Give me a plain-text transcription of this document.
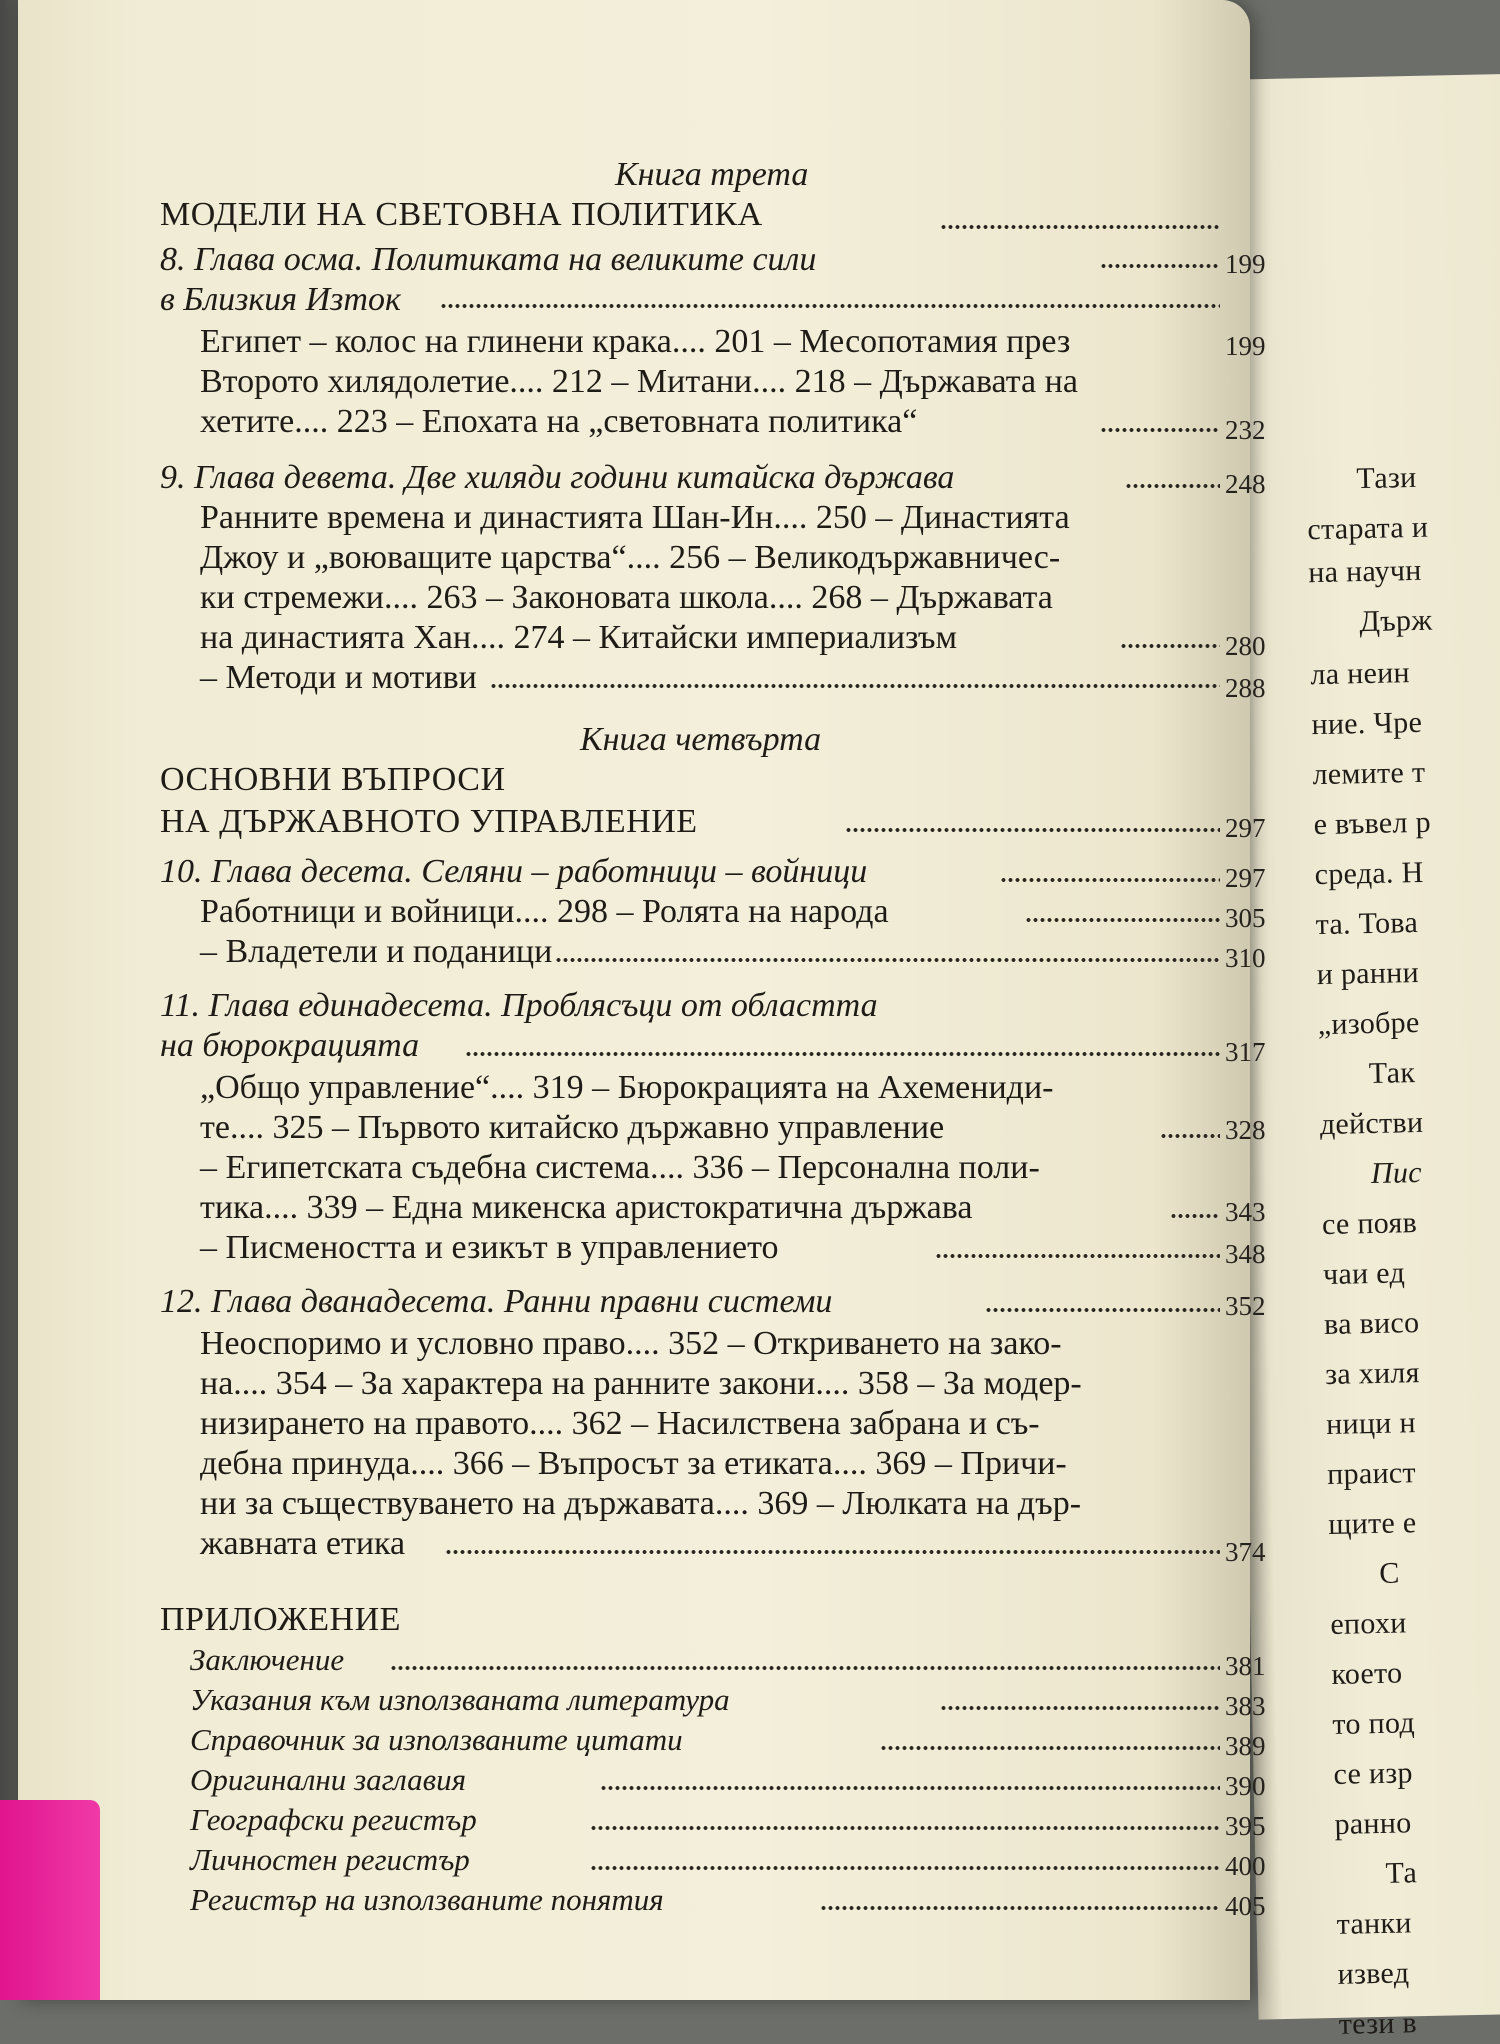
Тази
старата и
на научн
Държ
ла неин
ние. Чре
лемите т
е въвел р
среда. Н
та. Това
и ранни
„изобре
Так
действи
Пис
се появ
чаи ед
ва висо
за хиля
ници н
праист
щите е
С
епохи
което
то под
се изр
ранно
Та
танки
извед
тези в
Книга трета
МОДЕЛИ НА СВЕТОВНА ПОЛИТИКА
8. Глава осма. Политиката на великите сили	199
в Близкия Изток
Египет – колос на глинени крака.... 201 – Месопотамия през	199
Второто хилядолетие.... 212 – Митани.... 218 – Държавата на
хетите.... 223 – Епохата на „световната политика“	232
9. Глава девета. Две хиляди години китайска държава	248
Ранните времена и династията Шан-Ин.... 250 – Династията
Джоу и „воюващите царства“.... 256 – Великодържавничес-
ки стремежи.... 263 – Законовата школа.... 268 – Държавата
на династията Хан.... 274 – Китайски империализъм	280
– Методи и мотиви	288
Книга четвърта
ОСНОВНИ ВЪПРОСИ
НА ДЪРЖАВНОТО УПРАВЛЕНИЕ	297
10. Глава десета. Селяни – работници – войници	297
Работници и войници.... 298 – Ролята на народа	305
– Владетели и поданици	310
11. Глава единадесета. Проблясъци от областта
на бюрокрацията	317
„Общо управление“.... 319 – Бюрокрацията на Ахемениди-
те.... 325 – Първото китайско държавно управление	328
– Египетската съдебна система.... 336 – Персонална поли-
тика.... 339 – Една микенска аристократична държава	343
– Писмеността и езикът в управлението	348
12. Глава дванадесета. Ранни правни системи	352
Неоспоримо и условно право.... 352 – Откриването на зако-
на.... 354 – За характера на ранните закони.... 358 – За модер-
низирането на правото.... 362 – Насилствена забрана и съ-
дебна принуда.... 366 – Въпросът за етиката.... 369 – Причи-
ни за съществуването на държавата.... 369 – Люлката на дър-
жавната етика	374
ПРИЛОЖЕНИЕ
Заключение	381
Указания към използваната литература	383
Справочник за използваните цитати	389
Оригинални заглавия	390
Географски регистър	395
Личностен регистър	400
Регистър на използваните понятия	405
